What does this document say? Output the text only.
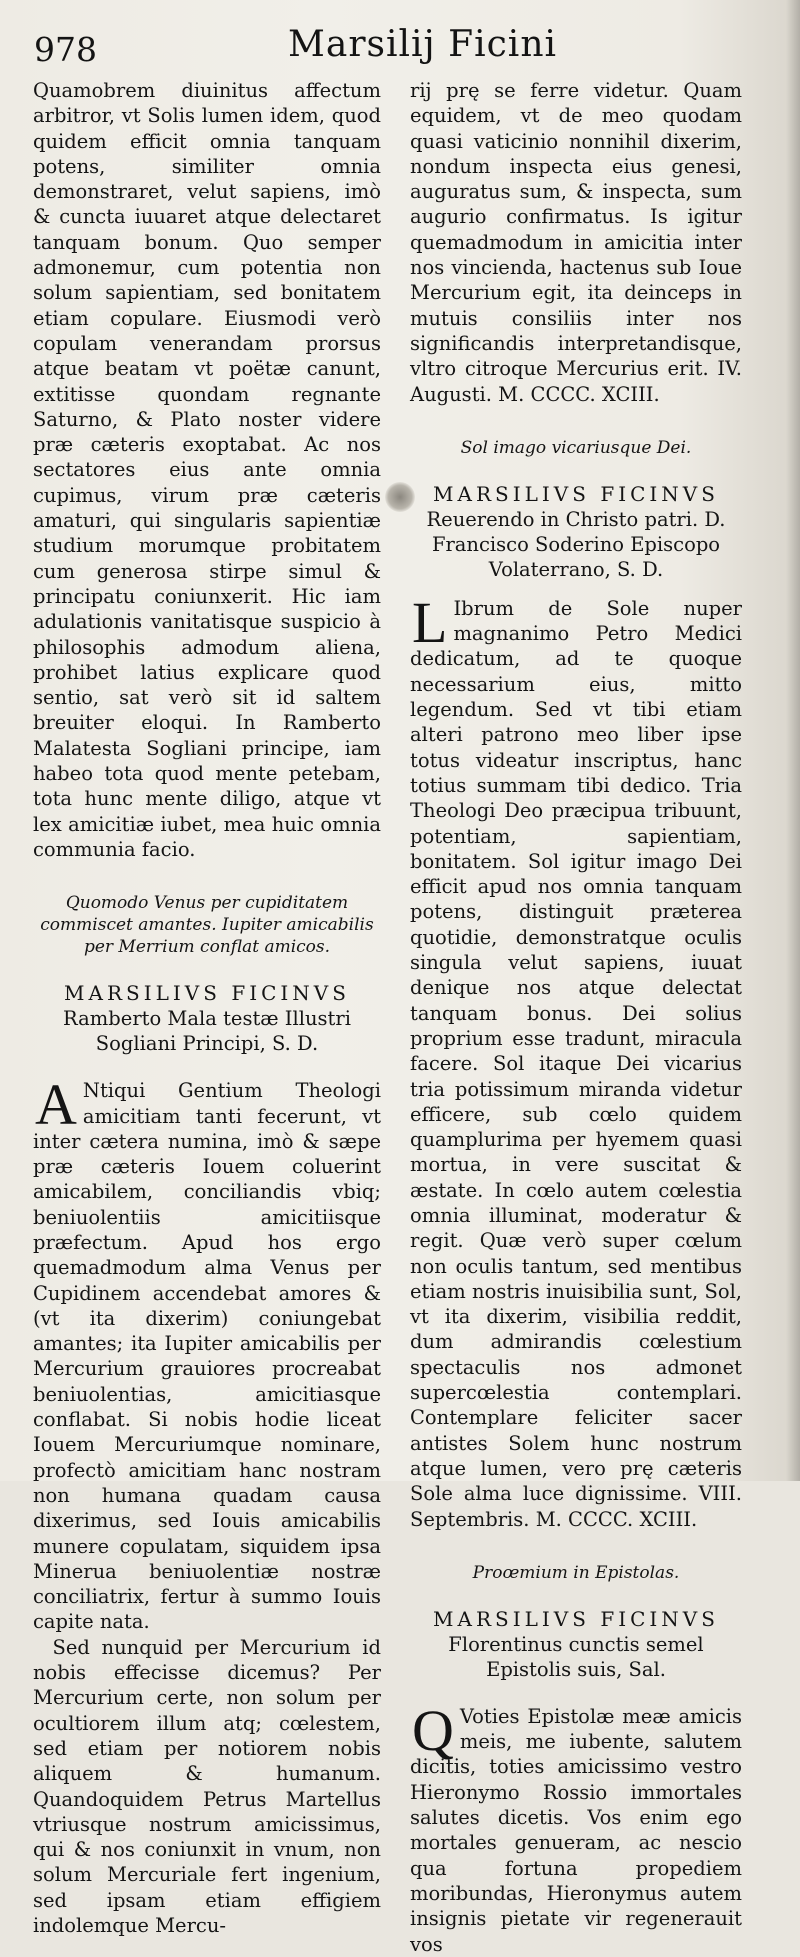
978	Marsilij Ficini

Quamobrem diuinitus affectum arbitror, vt Solis lumen idem, quod quidem efficit omnia tanquam potens, similiter omnia demonstraret, velut sapiens, imò & cuncta iuuaret atque delectaret tanquam bonum. Quo semper admonemur, cum potentia non solum sapientiam, sed bonitatem etiam copulare. Eiusmodi verò copulam venerandam prorsus atque beatam vt poëtæ canunt, extitisse quondam regnante Saturno, & Plato noster videre præ cæteris exoptabat. Ac nos sectatores eius ante omnia cupimus, virum præ cæteris amaturi, qui singularis sapientiæ studium morumque probitatem cum generosa stirpe simul & principatu coniunxerit. Hic iam adulationis vanitatisque suspicio à philosophis admodum aliena, prohibet latius explicare quod sentio, sat verò sit id saltem breuiter eloqui. In Ramberto Malatesta Sogliani principe, iam habeo tota quod mente petebam, tota hunc mente diligo, atque vt lex amicitiæ iubet, mea huic omnia communia facio.

Quomodo Venus per cupiditatem commiscet amantes. Iupiter amicabilis per Merrium conflat amicos.

MARSILIVS FICINVS

Ramberto Mala testæ Illustri Sogliani Principi, S. D.

A Ntiqui Gentium Theologi amicitiam tanti fecerunt, vt inter cætera numina, imò & sæpe præ cæteris Iouem coluerint amicabilem, conciliandis vbiq; beniuolentiis amicitiisque præfectum. Apud hos ergo quemadmodum alma Venus per Cupidinem accendebat amores & (vt ita dixerim) coniungebat amantes; ita Iupiter amicabilis per Mercurium grauiores procreabat beniuolentias, amicitiasque conflabat. Si nobis hodie liceat Iouem Mercuriumque nominare, profectò amicitiam hanc nostram non humana quadam causa dixerimus, sed Iouis amicabilis munere copulatam, siquidem ipsa Minerua beniuolentiæ nostræ conciliatrix, fertur à summo Iouis capite nata.

Sed nunquid per Mercurium id nobis effecisse dicemus? Per Mercurium certe, non solum per ocultiorem illum atq; cœlestem, sed etiam per notiorem nobis aliquem & humanum. Quandoquidem Petrus Martellus vtriusque nostrum amicissimus, qui & nos coniunxit in vnum, non solum Mercuriale fert ingenium, sed ipsam etiam effigiem indolemque Mercu-

rij prę se ferre videtur. Quam equidem, vt de meo quodam quasi vaticinio nonnihil dixerim, nondum inspecta eius genesi, auguratus sum, & inspecta, sum augurio confirmatus. Is igitur quemadmodum in amicitia inter nos vincienda, hactenus sub Ioue Mercurium egit, ita deinceps in mutuis consiliis inter nos significandis interpretandisque, vltro citroque Mercurius erit. IV. Augusti. M. CCCC. XCIII.

Sol imago vicariusque Dei.

MARSILIVS FICINVS

Reuerendo in Christo patri. D. Francisco Soderino Episcopo Volaterrano, S. D.

L Ibrum de Sole nuper magnanimo Petro Medici dedicatum, ad te quoque necessarium eius, mitto legendum. Sed vt tibi etiam alteri patrono meo liber ipse totus videatur inscriptus, hanc totius summam tibi dedico. Tria Theologi Deo præcipua tribuunt, potentiam, sapientiam, bonitatem. Sol igitur imago Dei efficit apud nos omnia tanquam potens, distinguit præterea quotidie, demonstratque oculis singula velut sapiens, iuuat denique nos atque delectat tanquam bonus. Dei solius proprium esse tradunt, miracula facere. Sol itaque Dei vicarius tria potissimum miranda videtur efficere, sub cœlo quidem quamplurima per hyemem quasi mortua, in vere suscitat & æstate. In cœlo autem cœlestia omnia illuminat, moderatur & regit. Quæ verò super cœlum non oculis tantum, sed mentibus etiam nostris inuisibilia sunt, Sol, vt ita dixerim, visibilia reddit, dum admirandis cœlestium spectaculis nos admonet supercœlestia contemplari. Contemplare feliciter sacer antistes Solem hunc nostrum atque lumen, vero prę cæteris Sole alma luce dignissime. VIII. Septembris. M. CCCC. XCIII.

Proœmium in Epistolas.

MARSILIVS FICINVS

Florentinus cunctis semel Epistolis suis, Sal.

Q Voties Epistolæ meæ amicis meis, me iubente, salutem dicitis, toties amicissimo vestro Hieronymo Rossio immortales salutes dicetis. Vos enim ego mortales genueram, ac nescio qua fortuna propediem moribundas, Hieronymus autem insignis pietate vir regenerauit vos
